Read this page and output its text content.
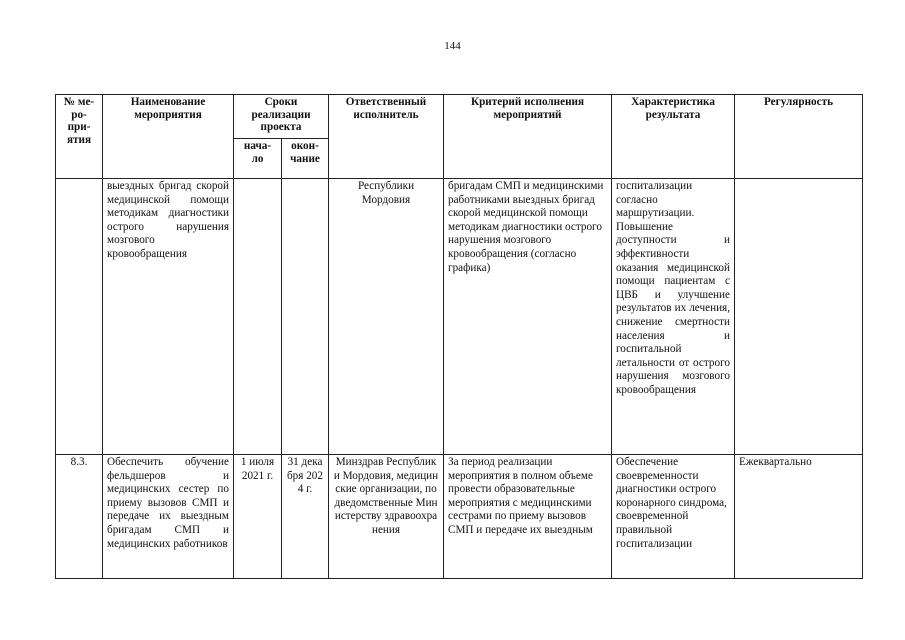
144
№ ме-ро-при-ятия	Наименование мероприятия	Сроки реализации проекта		Ответственный исполнитель	Критерий исполнения мероприятий	Характеристика результата	Регулярность
		нача-ло	окон-чание				
	выездных бригад скорой медицинской помощи методикам диагностики острого нарушения мозгового кровообращения			Республики Мордовия	бригадам СМП и медицинскими работниками выездных бригад скорой медицинской помощи методикам диагностики острого нарушения мозгового кровообращения (согласно графика)	госпитализации согласно маршрутизации. Повышение доступности и эффективности оказания медицинской помощи пациентам с ЦВБ и улучшение результатов их лечения, снижение смертности населения и госпитальной летальности от острого нарушения мозгового кровообращения	
8.3.	Обеспечить обучение фельдшеров и медицинских сестер по приему вызовов СМП и передаче их выездным бригадам СМП и медицинских работников	1 июля 2021 г.	31 декабря 2024 г.	Минздрав Республики Мордовия, медицинские организации, подведомственные Министерству здравоохранения	За период реализации мероприятия в полном объеме провести образовательные мероприятия с медицинскими сестрами по приему вызовов СМП и передаче их выездным	Обеспечение своевременности диагностики острого коронарного синдрома, своевременной правильной госпитализации	Ежеквартально
